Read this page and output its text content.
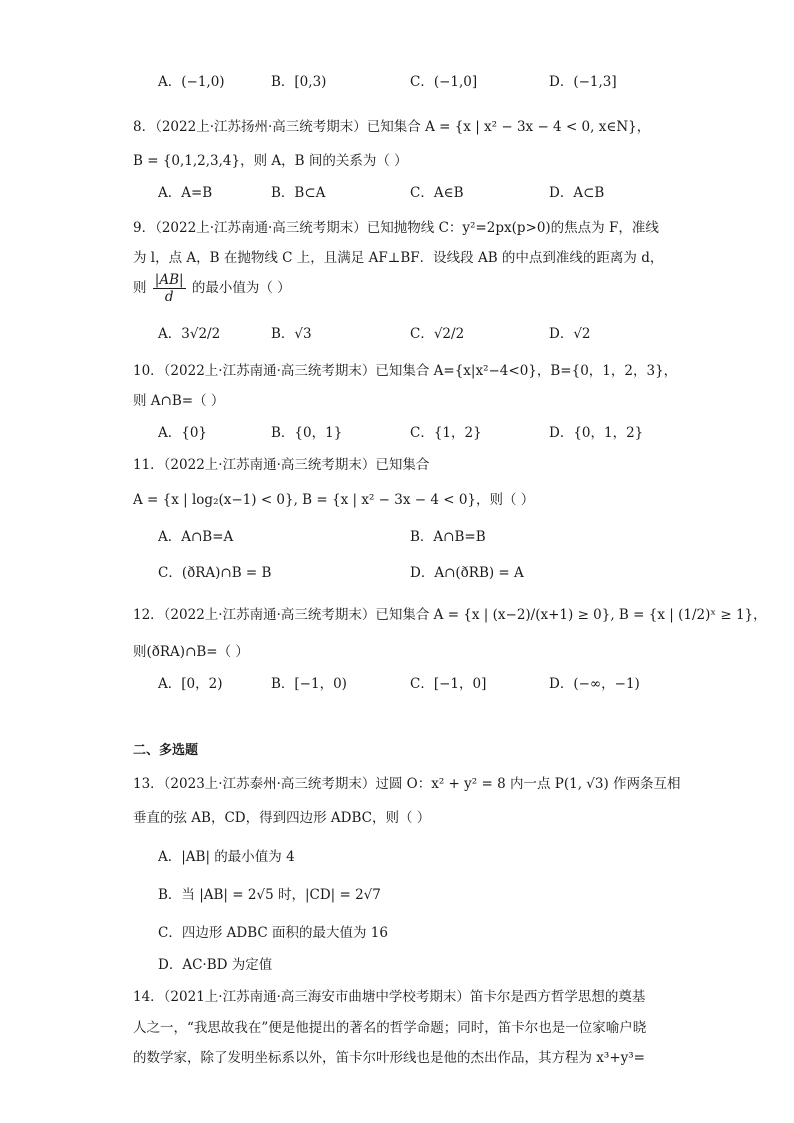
A．(−1,0)	B．[0,3)	C．(−1,0]	D．(−1,3]
8．（2022上·江苏扬州·高三统考期末）已知集合 A = {x | x² − 3x − 4 < 0, x∈N}，
B = {0,1,2,3,4}，则 A，B 间的关系为（ ）
A．A=B	B．B⊂A	C．A∈B	D．A⊂B
9．（2022上·江苏南通·高三统考期末）已知抛物线 C：y²=2px(p>0)的焦点为 F，准线
为 l，点 A，B 在抛物线 C 上，且满足 AF⊥BF．设线段 AB 的中点到准线的距离为 d，
则 $\frac{|AB|}{d}$ 的最小值为（ ）
A．3√2/2	B．√3	C．√2/2	D．√2
10．（2022上·江苏南通·高三统考期末）已知集合 A={x|x²−4<0}，B={0，1，2，3}，
则 A∩B=（ ）
A．{0}	B．{0，1}	C．{1，2}	D．{0，1，2}
11．（2022上·江苏南通·高三统考期末）已知集合
A = {x | log₂(x−1) < 0}, B = {x | x² − 3x − 4 < 0}，则（ ）
A．A∩B=A	B．A∩B=B
C．(ðRA)∩B = B	D．A∩(ðRB) = A
12．（2022上·江苏南通·高三统考期末）已知集合 A = {x | (x−2)/(x+1) ≥ 0}, B = {x | (1/2)ˣ ≥ 1}，
则(ðRA)∩B=（ ）
A．[0，2)	B．[−1，0)	C．[−1，0]	D．(−∞，−1)
二、多选题
13．（2023上·江苏泰州·高三统考期末）过圆 O：x² + y² = 8 内一点 P(1, √3) 作两条互相
垂直的弦 AB，CD，得到四边形 ADBC，则（ ）
A．|AB| 的最小值为 4
B．当 |AB| = 2√5 时，|CD| = 2√7
C．四边形 ADBC 面积的最大值为 16
D．AC·BD 为定值
14．（2021上·江苏南通·高三海安市曲塘中学校考期末）笛卡尔是西方哲学思想的奠基
人之一，“我思故我在”便是他提出的著名的哲学命题；同时，笛卡尔也是一位家喻户晓
的数学家，除了发明坐标系以外，笛卡尔叶形线也是他的杰出作品，其方程为 x³+y³=
